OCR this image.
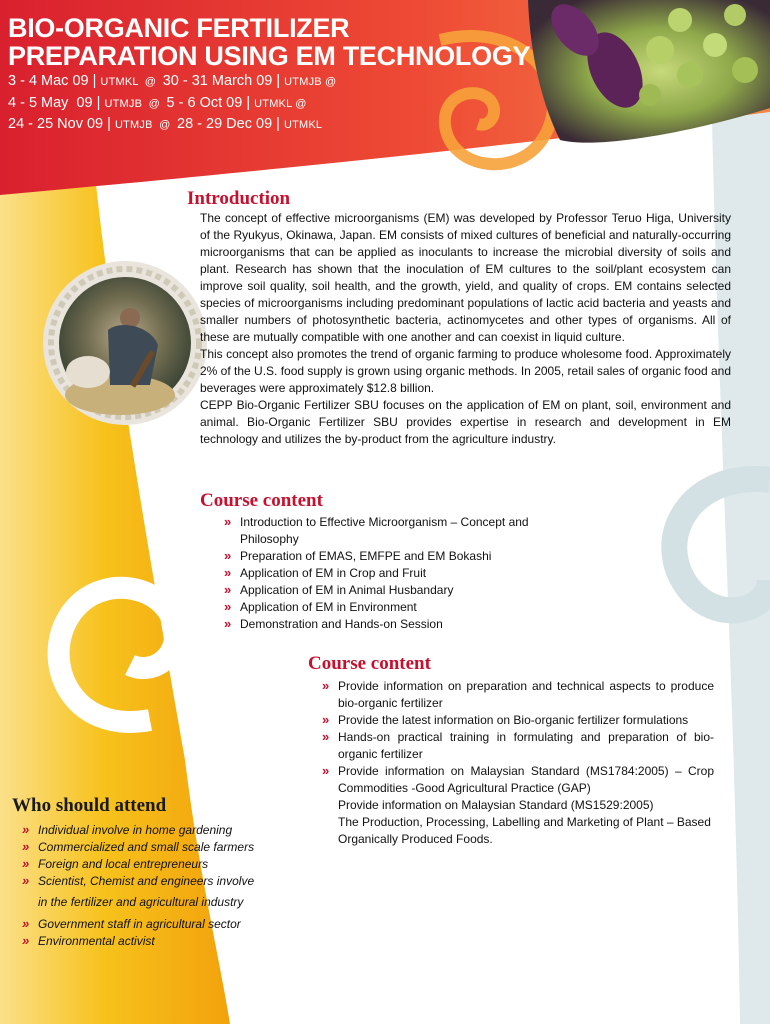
BIO-ORGANIC FERTILIZER
PREPARATION USING EM TECHNOLOGY
3 - 4 Mac 09 | UTMKL  @  30 - 31 March 09 | UTMJB @
4 - 5 May  09 | UTMJB  @  5 - 6 Oct 09 | UTMKL @
24 - 25 Nov 09 | UTMJB  @  28 - 29 Dec 09 | UTMKL
Introduction

The concept of effective microorganisms (EM) was developed by Professor Teruo Higa, University of the Ryukyus, Okinawa, Japan. EM consists of mixed cultures of beneficial and naturally-occurring microorganisms that can be applied as inoculants to increase the microbial diversity of soils and plant. Research has shown that the inoculation of EM cultures to the soil/plant ecosystem can improve soil quality, soil health, and the growth, yield, and quality of crops. EM contains selected species of microorganisms including predominant populations of lactic acid bacteria and yeasts and smaller numbers of photosynthetic bacteria, actinomycetes and other types of organisms. All of these are mutually compatible with one another and can coexist in liquid culture.

This concept also promotes the trend of organic farming to produce wholesome food. Approximately 2% of the U.S. food supply is grown using organic methods. In 2005, retail sales of organic food and beverages were approximately $12.8 billion.

CEPP Bio-Organic Fertilizer SBU focuses on the application of EM on plant, soil, environment and animal. Bio-Organic Fertilizer SBU provides expertise in research and development in EM technology and utilizes the by-product from the agriculture industry.

Course content
» Introduction to Effective Microorganism – Concept and Philosophy
» Preparation of EMAS, EMFPE and EM Bokashi
» Application of EM in Crop and Fruit
» Application of EM in Animal Husbandary
» Application of EM in Environment
» Demonstration and Hands-on Session
Course content
» Provide information on preparation and technical aspects to produce bio-organic fertilizer
» Provide the latest information on Bio-organic fertilizer formulations
» Hands-on practical training in formulating and preparation of bio-organic fertilizer
» Provide information on Malaysian Standard (MS1784:2005) – Crop Commodities -Good Agricultural Practice (GAP)
Provide information on Malaysian Standard (MS1529:2005)
The Production, Processing, Labelling and Marketing of Plant – Based Organically Produced Foods.
Who should attend
» Individual involve in home gardening
» Commercialized and small scale farmers
» Foreign and local entrepreneurs
» Scientist, Chemist and engineers involve
in the fertilizer and agricultural industry
» Government staff in agricultural sector
» Environmental activist
